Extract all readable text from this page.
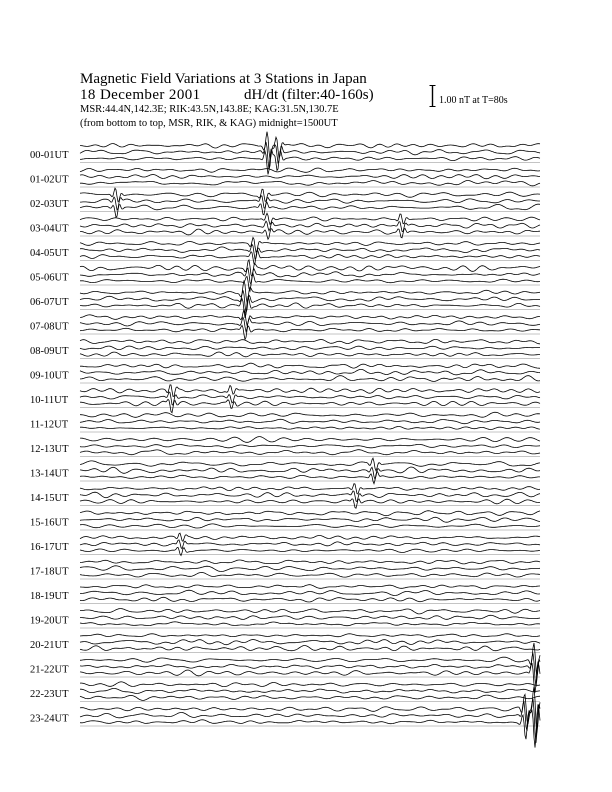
Magnetic Field Variations at 3 Stations in Japan
18 December 2001	dH/dt (filter:40-160s)
MSR:44.4N,142.3E; RIK:43.5N,143.8E; KAG:31.5N,130.7E
(from bottom to top, MSR, RIK, & KAG) midnight=1500UT
1.00 nT at T=80s
00-01UT
01-02UT
02-03UT
03-04UT
04-05UT
05-06UT
06-07UT
07-08UT
08-09UT
09-10UT
10-11UT
11-12UT
12-13UT
13-14UT
14-15UT
15-16UT
16-17UT
17-18UT
18-19UT
19-20UT
20-21UT
21-22UT
22-23UT
23-24UT
